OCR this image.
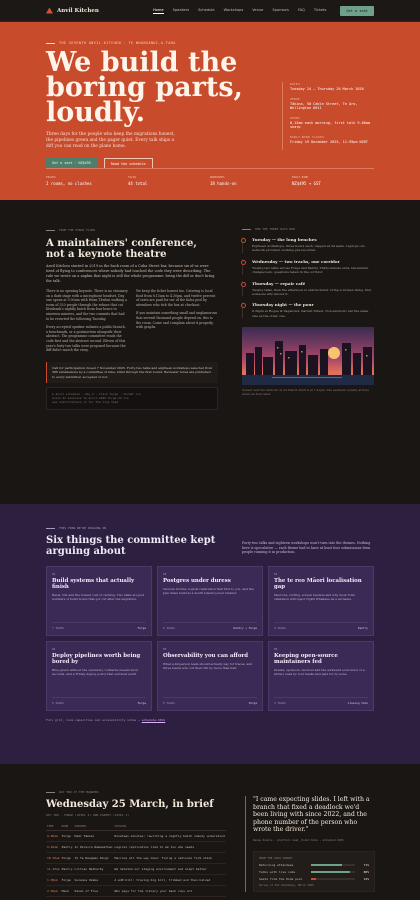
Anvil Kitchen	Home	Speakers	Schedule	Workshops	Venue	Sponsors	FAQ	Tickets	Get a seat
THE SEVENTH ANVIL KITCHEN · TE WHANGANUI-A-TARA
We build the boring parts, loudly.

Three days for the people who keep the migrations honest, the pipelines green and the pager quiet. Every talk ships a diff you can read on the plane home.

Get a seat · NZ$495	Read the schedule
DATES
Tuesday 24 – Thursday 26 March 2026
VENUE
Tākina, 50 Cable Street, Te Aro, Wellington 6011
DOORS
8.15am each morning, first talk 9.00am sharp
EARLY-BIRD CLOSES
Friday 19 December 2025, 11:59pm NZDT
TRACKS
2 rooms, no clashes
TALKS
44 total
WORKSHOPS
18 hands-on
EARLY-BIRD
NZ$495 + GST
FROM THE FORGE FLOOR
A maintainers' conference, not a keynote theatre
Anvil Kitchen started in 2019 in the back room of a Cuba Street bar, because six of us were tired of flying to conferences where nobody had touched the code they were describing. The rule we wrote on a napkin that night is still the whole programme: bring the diff or don't bring the talk.

There is no opening keynote. There is no visionary on a dark stage with a microphone headset. Day one opens at 9.00am with Hemi Tāwhai walking a room of 320 people through the rebase that cut Kiwibank's nightly batch from four hours to nineteen minutes, and the two commits that had to be reverted the following Tuesday.

Every accepted speaker submits a public branch, a benchmark, or a postmortem alongside their abstract. The programme committee reads the code first and the abstract second. Eleven of this year's forty-two talks were proposed because the diff didn't match the story.

We keep the ticket honest too. Catering is local food from 8.15am to 4.30pm, and twelve percent of seats are paid for out of the Koha pool by attendees who tick the box at checkout.

If you maintain something small and unglamorous that several thousand people depend on, this is the room. Come and complain about it properly, with graphs.

Call for participation closed 7 November 2025. Forty-two talks and eighteen workshops selected from 386 submissions by a committee of nine, blind through the first round. Reviewer notes are published to every submitter, accepted or not.
$ anvil schedule --day 2 --track forge --format ics
wrote 22 sessions to anvil-2026-forge-d2.ics
see notifications in for the live feed
HOW THE THREE DAYS RUN
Tuesday — the long benches
Eighteen workshops, three hours each, capped at 24 seats. Laptops out, network provided, nothing pre-recorded.
Wednesday — two tracks, one corridor
Twenty-two talks across Forge and Pantry. Thirty-minute slots, ten-minute changeovers, questions taken in the corridor.
Thursday — repair café
Twenty talks, then the afternoon is unstructured: bring a broken thing, find someone who knows it.
Thursday night — the pour
6.30pm at Rogue & Vagabond, Garrett Street. Non-alcoholic bar the same size as the other one.
Sunset over the harbour on 24 March 2026 is at 7.41pm. The aesthetic usually arrives about an hour later.
THIS YEAR WE'RE DIGGING IN
Six things the committee kept arguing about
Forty-two talks and eighteen workshops won't turn into the themes. Nothing here is speculative — each theme had to have at least four submissions from people running it in production.
01
Build systems that actually finish
Bazel, Nix and the honest cost of caching. Two talks are just numbers of build hours that got cut after the migration.
7 TALKS	Forge
02
Postgres under duress
Vacuum storms, logical replication that first to you, and the Jam index build at a South Island power retailer.
6 TALKS	Pantry + Forge
03
The te reo Māori localisation gap
Macrons, sorting, screen readers and why most form validation still reject Ngāti Whakaue as a surname.
4 TALKS	Pantry
04
Deploy pipelines worth being bored by
Blue-green without the ceremony, rollbacks measured in seconds, and a Friday deploy policy that survived audit.
5 TALKS	Forge
05
Observability you can afford
What a 40-person team should actually pay for traces, and three teams who cut their bill by more than half.
5 TALKS	Forge
06
Keeping open-source maintainers fed
Grants, sponsors, burnout and the awkward economics of a library used by four banks and paid for by none.
3 TALKS	Closing talk
Full grid, room capacities and accessibility notes → schedule.html
DAY TWO AT THE MANGERS
Wednesday 25 March, in brief
DAY TWO · FORGE (LEVEL 2) AND PANTRY (LEVEL 1)
TIME	ROOM	SPEAKER	SESSION
9.00am	Forge	Hemi Tāwhai	Nineteen minutes: rewriting a nightly batch nobody understood
9.40am	Pantry	Jo Pereira Ramanathan	Logical replication lied to me too who needs
10.30am	Forge	Tū Te Rangamu Ringi	Macrons all the way down: fixing a national form stack
11.20am	Pantry	Lillian Wetherby	We deleted our staging environment and slept better
1.00pm	Forge	Suzanne Okaka	A £40 bill: tracing big bill, trimmed and then halved
2.00pm	Mesh	Panel of Five	Who pays for the library your bank runs on?
"I came expecting slides. I left with a branch that fixed a deadlock we'd been living with since 2022, and the phone number of the person who wrote the driver."
Renée Rokola · platform lead, Punkt Data · attended 2025
FROM THE 2025 SURVEY
Returning attendees	71%
Talks with live code	88%
Seats from the Koha pool	12%
Survey of 412 attendees, March 2025
